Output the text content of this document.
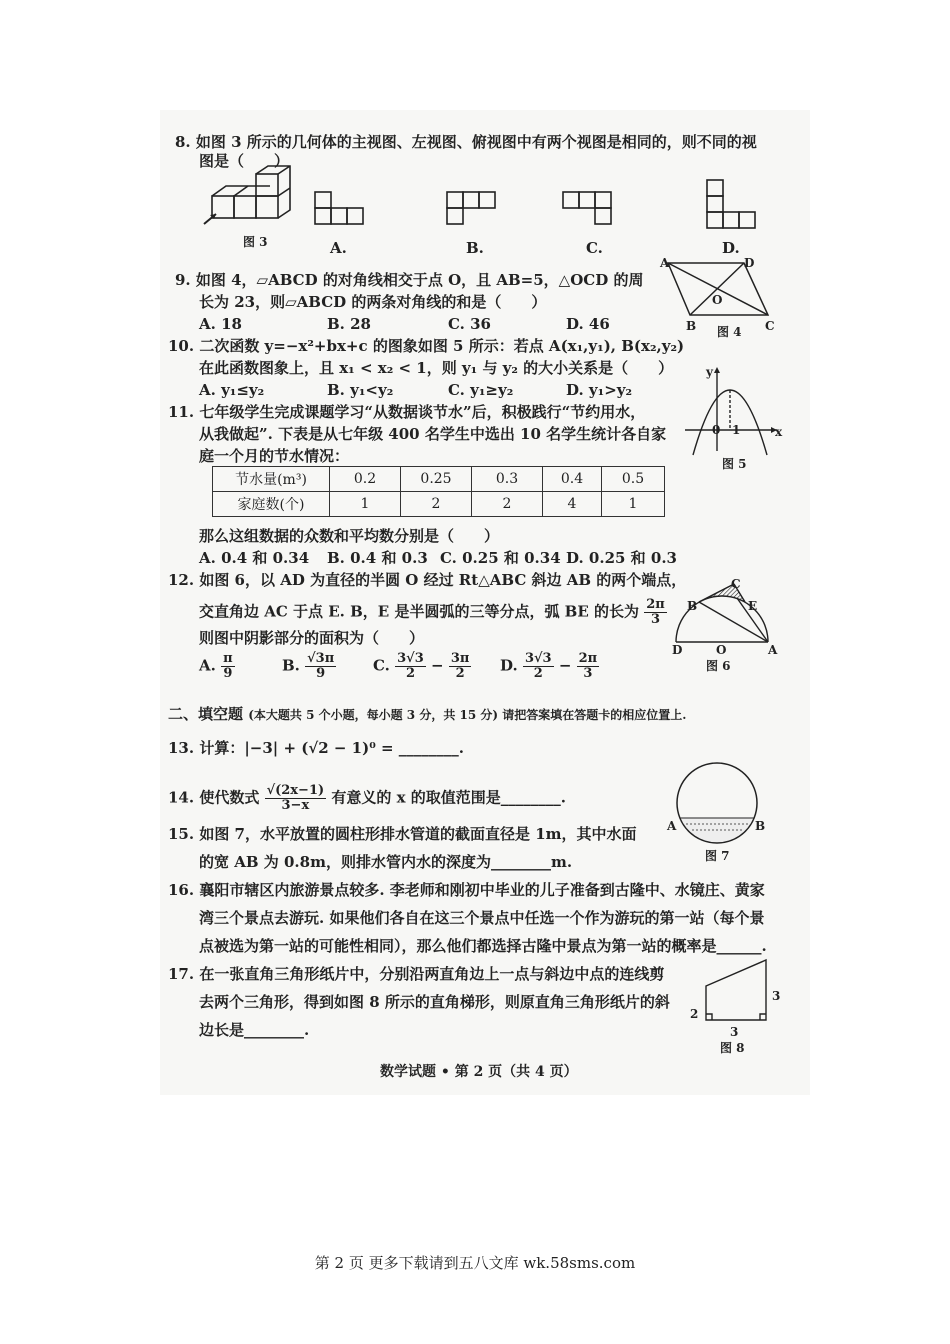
8. 如图 3 所示的几何体的主视图、左视图、俯视图中有两个视图是相同的，则不同的视
图是（　　）
图 3	A.	B.	C.	D.
9. 如图 4，▱ABCD 的对角线相交于点 O，且 AB=5，△OCD 的周
长为 23，则▱ABCD 的两条对角线的和是（　　）
A. 18	B. 28	C. 36	D. 46
A	D
O
B	C
图 4
10. 二次函数 y=−x²+bx+c 的图象如图 5 所示：若点 A(x₁,y₁), B(x₂,y₂)
在此函数图象上，且 x₁ < x₂ < 1，则 y₁ 与 y₂ 的大小关系是（　　）
A. y₁≤y₂	B. y₁<y₂	C. y₁≥y₂	D. y₁>y₂
y
x
0 1
图 5
11. 七年级学生完成课题学习“从数据谈节水”后，积极践行“节约用水，
从我做起”. 下表是从七年级 400 名学生中选出 10 名学生统计各自家
庭一个月的节水情况：
节水量(m³)	0.2	0.25	0.3	0.4	0.5
家庭数(个)	1	2	2	4	1
那么这组数据的众数和平均数分别是（　　）
A. 0.4 和 0.34 B. 0.4 和 0.3 C. 0.25 和 0.34 D. 0.25 和 0.3
12. 如图 6，以 AD 为直径的半圆 O 经过 Rt△ABC 斜边 AB 的两个端点，
交直角边 AC 于点 E. B，E 是半圆弧的三等分点，弧 BE 的长为 $\frac{2\pi}{3}$
则图中阴影部分的面积为（　　）
A. $\frac{\pi}{9}$	B. $\frac{√3\pi}{9} C$. $\frac{3√3}{2} - \frac{3\pi}{2} D$. $\frac{3√3}{2} - \frac{2\pi}{3}$
C
B	E
D	O	A
图 6
二、填空题 (本大题共 5 个小题，每小题 3 分，共 15 分) 请把答案填在答题卡的相应位置上.
13. 计算：|−3| + (√2 − 1)⁰ = ________.
14. 使代数式 $\frac{√(2x-1)}{3-x}$ 有意义的 x 的取值范围是________.
15. 如图 7，水平放置的圆柱形排水管道的截面直径是 1m，其中水面
的宽 AB 为 0.8m，则排水管内水的深度为________m.
A	B
图 7
16. 襄阳市辖区内旅游景点较多. 李老师和刚初中毕业的儿子准备到古隆中、水镜庄、黄家
湾三个景点去游玩. 如果他们各自在这三个景点中任选一个作为游玩的第一站（每个景
点被选为第一站的可能性相同），那么他们都选择古隆中景点为第一站的概率是______.
17. 在一张直角三角形纸片中，分别沿两直角边上一点与斜边中点的连线剪
去两个三角形，得到如图 8 所示的直角梯形，则原直角三角形纸片的斜
边长是________.
2
3
3
图 8
数学试题 • 第 2 页（共 4 页）
第 2 页 更多下载请到五八文库 wk.58sms.com
